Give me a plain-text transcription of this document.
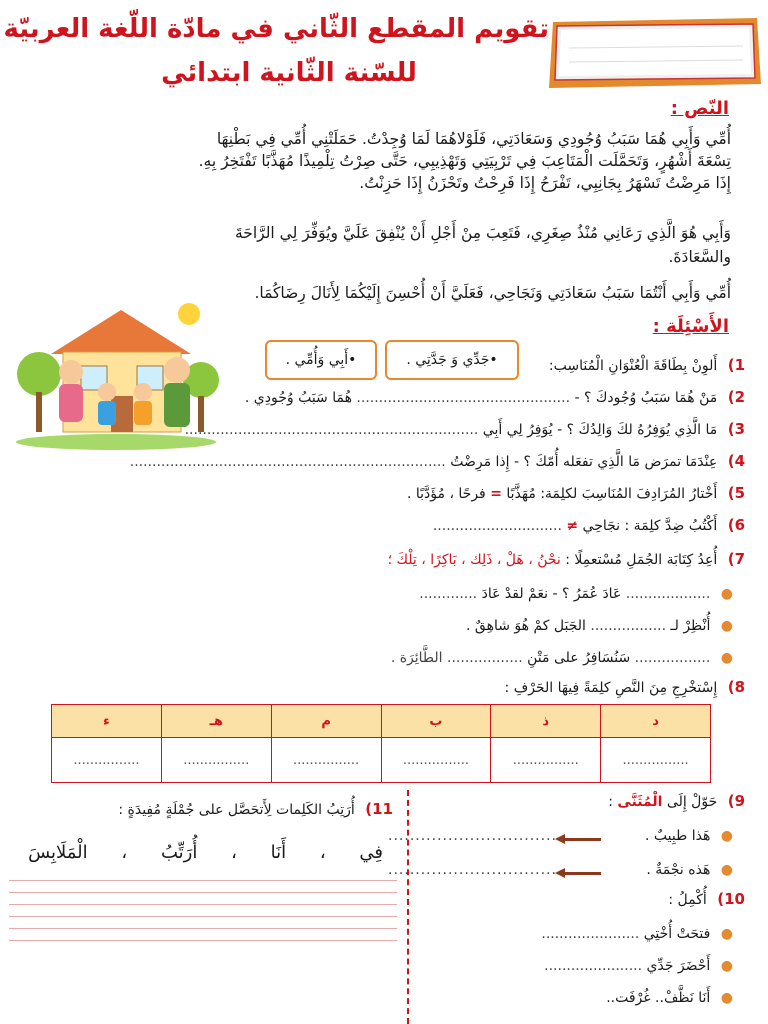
تقويم المقطع الثّاني في مادّة اللّغة العربيّة
للسّنة الثّانية ابتدائي
النّص :
أُمِّي وَأَبِي هُمَا سَبَبُ وُجُودِي وَسَعَادَتِي، فَلَوْلاهُمَا لَمَا وُجِدْتُ. حَمَلَتْنِي أُمِّي فِي بَطْنِهَا
تِسْعَةَ أَشْهُرٍ، وَتَحَمَّلَت الْمَتَاعِبَ فِي تَرْبِيَتِي وَتَهْذِيبِي، حَتَّى صِرْتُ تِلْمِيذًا مُهَذَّبًا تَفْتَخِرُ بِهِ.
إِذَا مَرِضْتُ تَسْهَرُ بِجَانِبِي، تَفْرَحُ إِذَا فَرِحْتُ وتَحْزَنُ إِذَا حَزِنْتُ.
وَأَبِي هُوَ الَّذِي رَعَانِي مُنْذُ صِغَرِي، فَتَعِبَ مِنْ أَجْلِ أَنْ يُنْفِقَ عَلَيَّ ويُوَفِّرَ لِي الرَّاحَةَ
والسَّعَادَةَ.
أُمِّي وَأَبِي أَنْتُمَا سَبَبُ سَعَادَتِي وَنَجَاحِي، فَعَلَيَّ أَنْ أُحْسِنَ إِلَيْكُمَا لِأَنَالَ رِضَاكُمَا.
الأَسْئِلَة :
1) أَلوِنْ بِطَاقَةَ الْعُنْوَانِ الْمُنَاسِب:
•جَدِّي وَ جَدَّتِي .
•أَبِي وَأُمِّي .
2) مَنْ هُمَا سَبَبُ وُجُودكَ ؟ - ................................................ هُمَا سَبَبُ وُجُودِي .
3) مَا الَّذِي يُوَفِرُهُ لكَ وَالِدُكَ ؟ - يُوَفِرُ لِي أَبِي ..................................................................
4) عِنْدَمَا تمرَض مَا الَّذِي تفعَله أُمّكَ ؟ - إِذا مَرِضْتُ .......................................................................
5) أَخْتارُ المُرَادِفَ المُنَاسِبَ لكلِمَة: مُهَذَّبًا = فرحًا ، مُؤَدَّبًا .
6) أَكْتُبُ ضِدَّ كلِمَة : نجَاحِي ≠ .............................
7) أُعِدُ كِتَابَة الجُمَلِ مُسْتعمِلًا : نحْنُ ، هَلْ ، ذَلِك ، بَاكِرًا ، تِلْكَ ؛
● ................... عَادَ عُمَرُ ؟ - نعَمْ لقدْ عَادَ .............
● أُنْظِرْ لـ ................. الجَبَل كمْ هُوَ شاهِقٌ .
● ................. سَنُسَافِرُ على مَتْنِ ................. الطَّائِرَة .
8) إِسْتخْرِجِ مِنَ النَّصِ كلِمَةً فِيهَا الحَرْفِ :
د	ذ	ب	م	هـ	ء
................	................	................	................	................	................
9) حَوّلْ إِلَى الْمُثَنَّى :
● هَذا طبِيبٌ .
...............................
● هَذه نجْمَةٌ .
...............................
10) أُكْمِلُ :
● فتحَتْ أُخْتِي ......................
● أَحْضَرَ جَدِّي ......................
● أَنَا نَظَّفْ.. غُرْفَت..
11) أُرَتِبُ الكَلِمات لِأَتحَصَّل على جُمْلَةٍ مُفِيدَةٍ :
فِي ، أَنَا ، أُرَتِّبُ ، الْمَلَابِسَ
